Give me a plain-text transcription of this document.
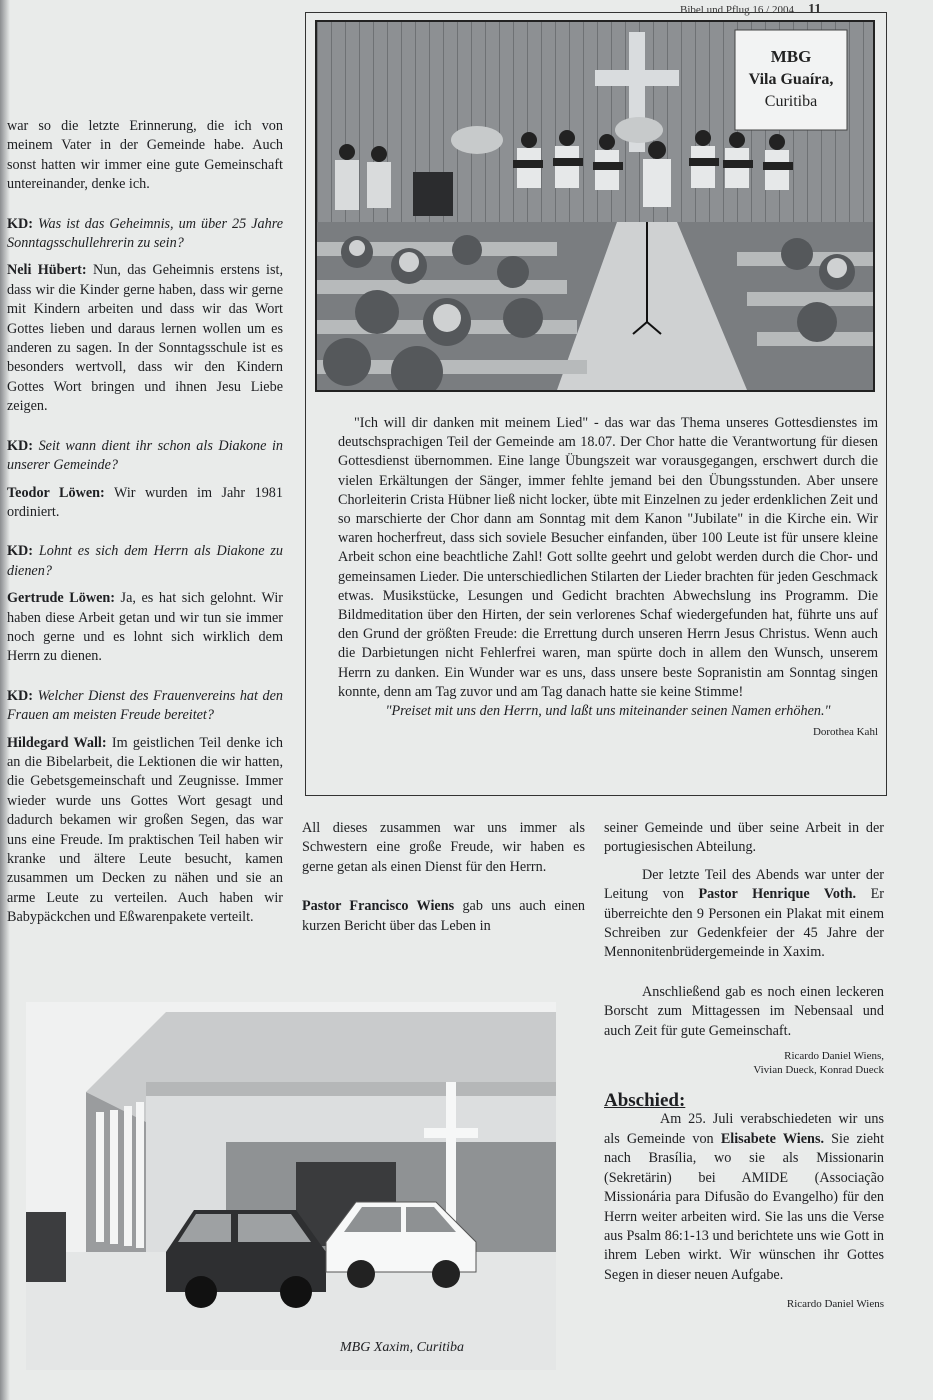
Bibel und Pflug 16 / 2004 11

war so die letzte Erinnerung, die ich von meinem Vater in der Gemeinde habe. Auch sonst hatten wir immer eine gute Gemeinschaft untereinander, denke ich.

KD: Was ist das Geheimnis, um über 25 Jahre Sonntagsschullehrerin zu sein?

Neli Hübert: Nun, das Geheimnis erstens ist, dass wir die Kinder gerne haben, dass wir gerne mit Kindern arbeiten und dass wir das Wort Gottes lieben und daraus lernen wollen um es anderen zu sagen. In der Sonntagsschule ist es besonders wertvoll, dass wir den Kindern Gottes Wort bringen und ihnen Jesu Liebe zeigen.

KD: Seit wann dient ihr schon als Diakone in unserer Gemeinde?

Teodor Löwen: Wir wurden im Jahr 1981 ordiniert.

KD: Lohnt es sich dem Herrn als Diakone zu dienen?

Gertrude Löwen: Ja, es hat sich gelohnt. Wir haben diese Arbeit getan und wir tun sie immer noch gerne und es lohnt sich wirklich dem Herrn zu dienen.

KD: Welcher Dienst des Frauenvereins hat den Frauen am meisten Freude bereitet?

Hildegard Wall: Im geistlichen Teil denke ich an die Bibelarbeit, die Lektionen die wir hatten, die Gebetsgemeinschaft und Zeugnisse. Immer wieder wurde uns Gottes Wort gesagt und dadurch bekamen wir großen Segen, das war uns eine Freude. Im praktischen Teil haben wir kranke und ältere Leute besucht, kamen zusammen um Decken zu nähen und sie an arme Leute zu verteilen. Auch haben wir Babypäckchen und Eßwarenpakete verteilt.

MBG
Vila Guaíra,
Curitiba
"Ich will dir danken mit meinem Lied" - das war das Thema unseres Gottesdienstes im deutschsprachigen Teil der Gemeinde am 18.07. Der Chor hatte die Verantwortung für diesen Gottesdienst übernommen. Eine lange Übungszeit war vorausgegangen, erschwert durch die vielen Erkältungen der Sänger, immer fehlte jemand bei den Übungsstunden. Aber unsere Chorleiterin Crista Hübner ließ nicht locker, übte mit Einzelnen zu jeder erdenklichen Zeit und so marschierte der Chor dann am Sonntag mit dem Kanon "Jubilate" in die Kirche ein. Wir waren hocherfreut, dass sich soviele Besucher einfanden, über 100 Leute ist für unsere kleine Arbeit schon eine beachtliche Zahl! Gott sollte geehrt und gelobt werden durch die Chor- und gemeinsamen Lieder. Die unterschiedlichen Stilarten der Lieder brachten für jeden Geschmack etwas. Musikstücke, Lesungen und Gedicht brachten Abwechslung ins Programm. Die Bildmeditation über den Hirten, der sein verlorenes Schaf wiedergefunden hat, führte uns auf den Grund der größten Freude: die Errettung durch unseren Herrn Jesus Christus. Wenn auch die Darbietungen nicht Fehlerfrei waren, man spürte doch in allem den Wunsch, unserem Herrn zu danken. Ein Wunder war es uns, dass unsere beste Sopranistin am Sonntag singen konnte, denn am Tag zuvor und am Tag danach hatte sie keine Stimme!
"Preiset mit uns den Herrn, und laßt uns miteinander seinen Namen erhöhen."
Dorothea Kahl

All dieses zusammen war uns immer als Schwestern eine große Freude, wir haben es gerne getan als einen Dienst für den Herrn.

Pastor Francisco Wiens gab uns auch einen kurzen Bericht über das Leben in

seiner Gemeinde und über seine Arbeit in der portugiesischen Abteilung.

Der letzte Teil des Abends war unter der Leitung von Pastor Henrique Voth. Er überreichte den 9 Personen ein Plakat mit einem Schreiben zur Gedenkfeier der 45 Jahre der Mennonitenbrüdergemeinde in Xaxim.

Anschließend gab es noch einen leckeren Borscht zum Mittagessen im Nebensaal und auch Zeit für gute Gemeinschaft.

Ricardo Daniel Wiens,
Vivian Dueck, Konrad Dueck
Abschied:

Am 25. Juli verabschiedeten wir uns als Gemeinde von Elisabete Wiens. Sie zieht nach Brasília, wo sie als Missionarin (Sekretärin) bei AMIDE (Associação Missionária para Difusão do Evangelho) für den Herrn weiter arbeiten wird. Sie las uns die Verse aus Psalm 86:1-13 und berichtete uns wie Gott in ihrem Leben wirkt. Wir wünschen ihr Gottes Segen in dieser neuen Aufgabe.

Ricardo Daniel Wiens
MBG Xaxim, Curitiba
